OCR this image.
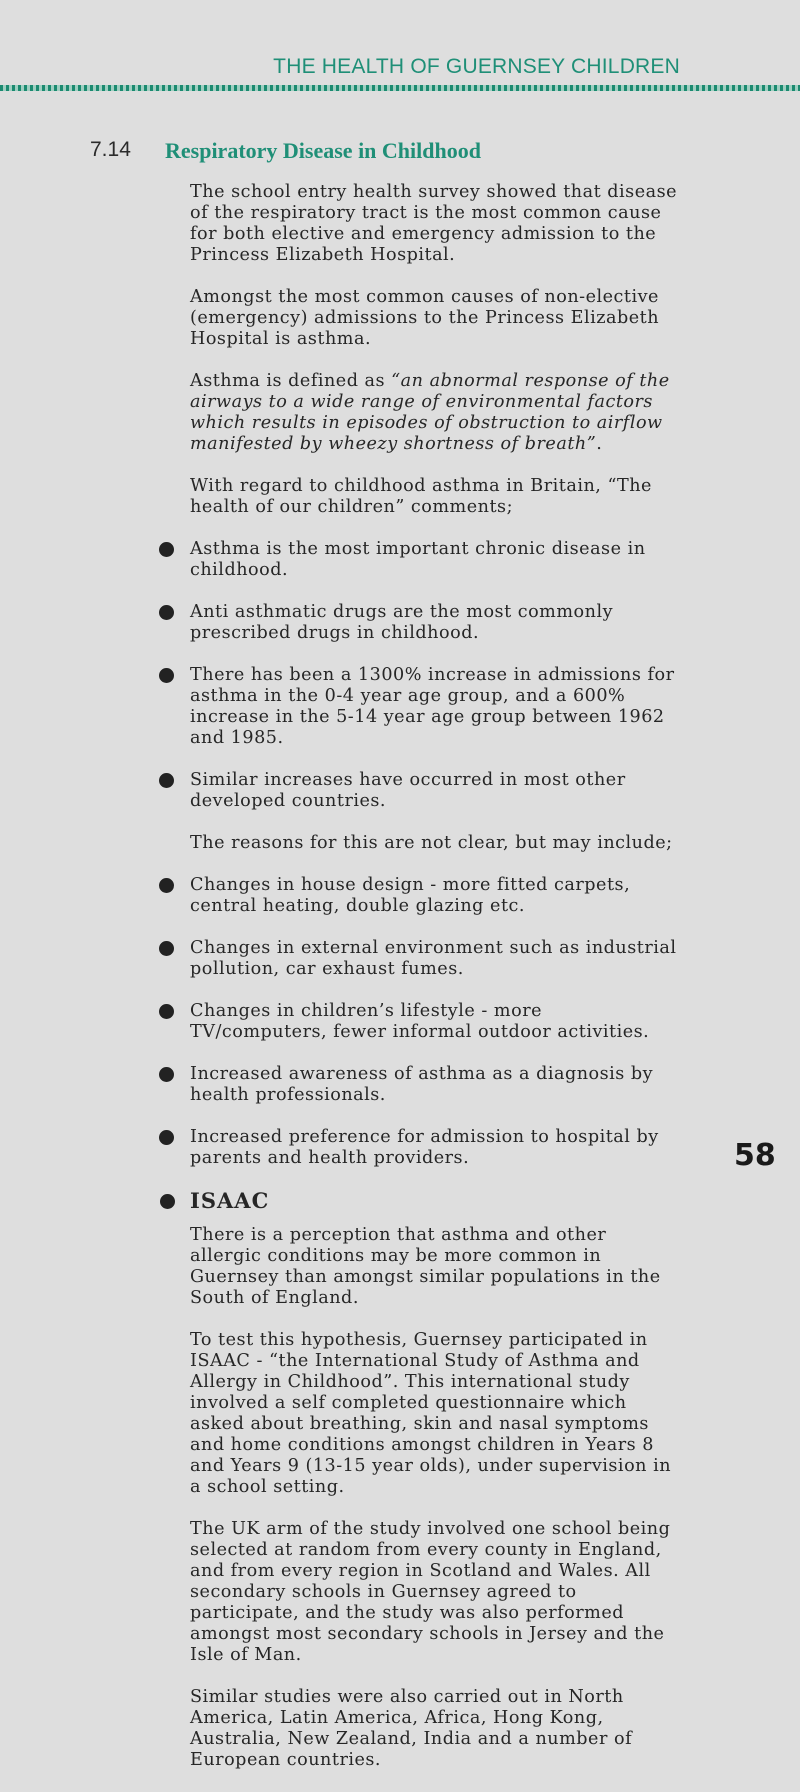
THE HEALTH OF GUERNSEY CHILDREN
7.14 Respiratory Disease in Childhood

The school entry health survey showed that disease of the respiratory tract is the most common cause for both elective and emergency admission to the Princess Elizabeth Hospital.

Amongst the most common causes of non-elective (emergency) admissions to the Princess Elizabeth Hospital is asthma.

Asthma is defined as “an abnormal response of the airways to a wide range of environmental factors which results in episodes of obstruction to airflow manifested by wheezy shortness of breath”.

With regard to childhood asthma in Britain, “The health of our children” comments;

Asthma is the most important chronic disease in childhood.
Anti asthmatic drugs are the most commonly prescribed drugs in childhood.
There has been a 1300% increase in admissions for asthma in the 0-4 year age group, and a 600% increase in the 5-14 year age group between 1962 and 1985.
Similar increases have occurred in most other developed countries.

The reasons for this are not clear, but may include;

Changes in house design - more fitted carpets, central heating, double glazing etc.
Changes in external environment such as industrial pollution, car exhaust fumes.
Changes in children’s lifestyle - more TV/computers, fewer informal outdoor activities.
Increased awareness of asthma as a diagnosis by health professionals.
Increased preference for admission to hospital by parents and health providers.
ISAAC

There is a perception that asthma and other allergic conditions may be more common in Guernsey than amongst similar populations in the South of England.

To test this hypothesis, Guernsey participated in ISAAC - “the International Study of Asthma and Allergy in Childhood”. This international study involved a self completed questionnaire which asked about breathing, skin and nasal symptoms and home conditions amongst children in Years 8 and Years 9 (13-15 year olds), under supervision in a school setting.

The UK arm of the study involved one school being selected at random from every county in England, and from every region in Scotland and Wales. All secondary schools in Guernsey agreed to participate, and the study was also performed amongst most secondary schools in Jersey and the Isle of Man.

Similar studies were also carried out in North America, Latin America, Africa, Hong Kong, Australia, New Zealand, India and a number of European countries.

58
